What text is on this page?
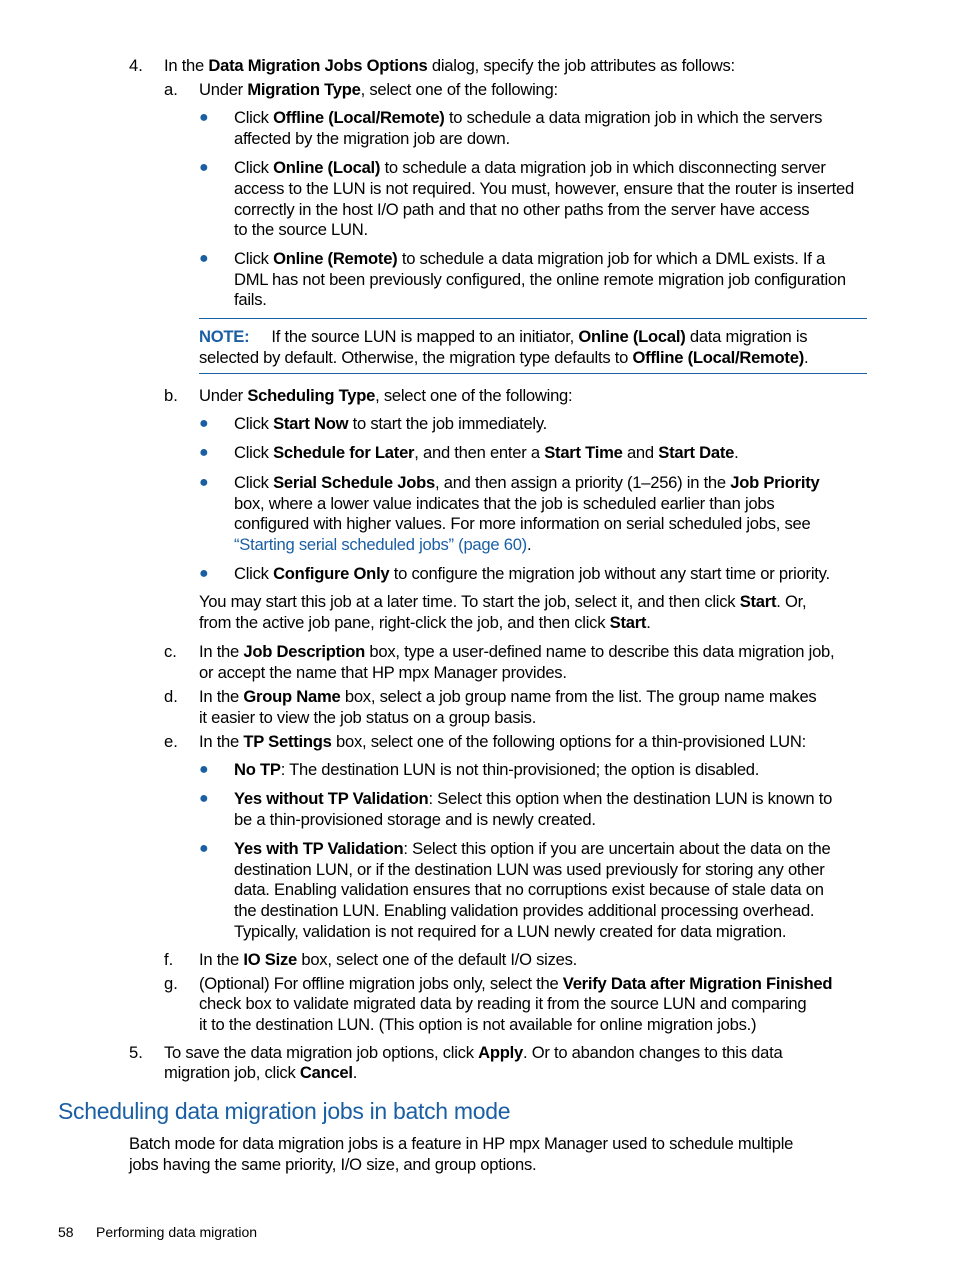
4. In the Data Migration Jobs Options dialog, specify the job attributes as follows:
a. Under Migration Type, select one of the following:
● Click Offline (Local/Remote) to schedule a data migration job in which the servers
affected by the migration job are down.
● Click Online (Local) to schedule a data migration job in which disconnecting server
access to the LUN is not required. You must, however, ensure that the router is inserted
correctly in the host I/O path and that no other paths from the server have access
to the source LUN.
● Click Online (Remote) to schedule a data migration job for which a DML exists. If a
DML has not been previously configured, the online remote migration job configuration
fails.
NOTE: If the source LUN is mapped to an initiator, Online (Local) data migration is
selected by default. Otherwise, the migration type defaults to Offline (Local/Remote).
b. Under Scheduling Type, select one of the following:
● Click Start Now to start the job immediately.
● Click Schedule for Later, and then enter a Start Time and Start Date.
● Click Serial Schedule Jobs, and then assign a priority (1–256) in the Job Priority
box, where a lower value indicates that the job is scheduled earlier than jobs
configured with higher values. For more information on serial scheduled jobs, see
“Starting serial scheduled jobs” (page 60).
● Click Configure Only to configure the migration job without any start time or priority.
You may start this job at a later time. To start the job, select it, and then click Start. Or,
from the active job pane, right-click the job, and then click Start.
c. In the Job Description box, type a user-defined name to describe this data migration job,
or accept the name that HP mpx Manager provides.
d. In the Group Name box, select a job group name from the list. The group name makes
it easier to view the job status on a group basis.
e. In the TP Settings box, select one of the following options for a thin-provisioned LUN:
● No TP: The destination LUN is not thin-provisioned; the option is disabled.
● Yes without TP Validation: Select this option when the destination LUN is known to
be a thin-provisioned storage and is newly created.
● Yes with TP Validation: Select this option if you are uncertain about the data on the
destination LUN, or if the destination LUN was used previously for storing any other
data. Enabling validation ensures that no corruptions exist because of stale data on
the destination LUN. Enabling validation provides additional processing overhead.
Typically, validation is not required for a LUN newly created for data migration.
f. In the IO Size box, select one of the default I/O sizes.
g. (Optional) For offline migration jobs only, select the Verify Data after Migration Finished
check box to validate migrated data by reading it from the source LUN and comparing
it to the destination LUN. (This option is not available for online migration jobs.)
5. To save the data migration job options, click Apply. Or to abandon changes to this data
migration job, click Cancel.
Scheduling data migration jobs in batch mode
Batch mode for data migration jobs is a feature in HP mpx Manager used to schedule multiple
jobs having the same priority, I/O size, and group options.
58 Performing data migration
